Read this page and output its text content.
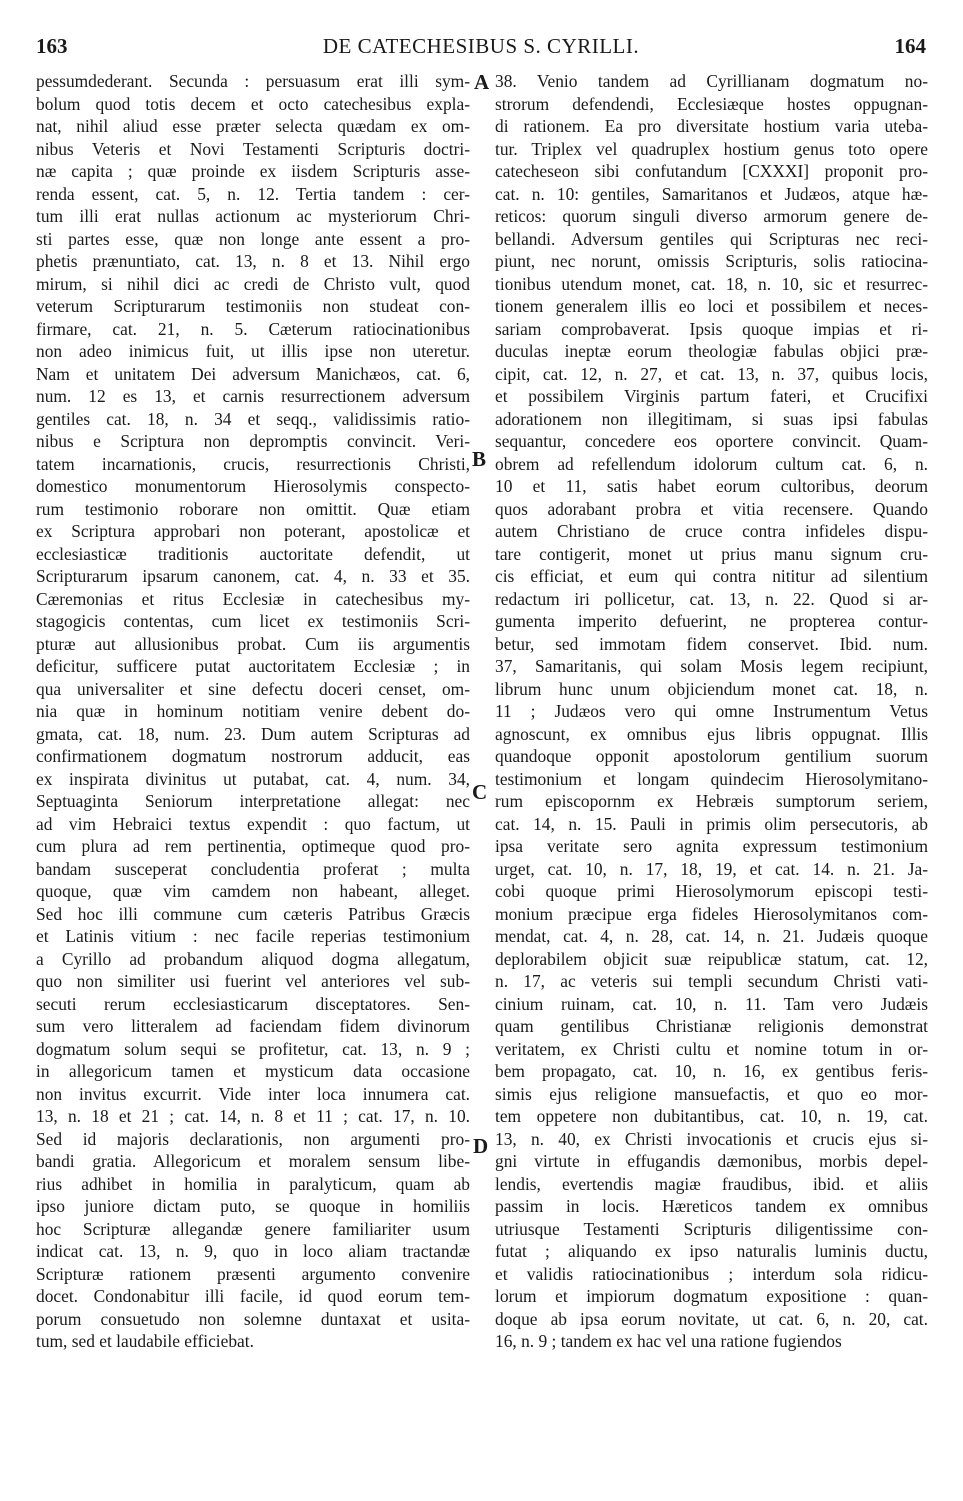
163	DE CATECHESIBUS S. CYRILLI.	164
A
B
C
D
pessumdederant. Secunda : persuasum erat illi sym-
bolum quod totis decem et octo catechesibus expla-
nat, nihil aliud esse præter selecta quædam ex om-
nibus Veteris et Novi Testamenti Scripturis doctri-
næ capita ; quæ proinde ex iisdem Scripturis asse-
renda essent, cat. 5, n. 12. Tertia tandem : cer-
tum illi erat nullas actionum ac mysteriorum Chri-
sti partes esse, quæ non longe ante essent a pro-
phetis prænuntiato, cat. 13, n. 8 et 13. Nihil ergo
mirum, si nihil dici ac credi de Christo vult, quod
veterum Scripturarum testimoniis non studeat con-
firmare, cat. 21, n. 5. Cæterum ratiocinationibus
non adeo inimicus fuit, ut illis ipse non uteretur.
Nam et unitatem Dei adversum Manichæos, cat. 6,
num. 12 es 13, et carnis resurrectionem adversum
gentiles cat. 18, n. 34 et seqq., validissimis ratio-
nibus e Scriptura non depromptis convincit. Veri-
tatem incarnationis, crucis, resurrectionis Christi,
domestico monumentorum Hierosolymis conspecto-
rum testimonio roborare non omittit. Quæ etiam
ex Scriptura approbari non poterant, apostolicæ et
ecclesiasticæ traditionis auctoritate defendit, ut
Scripturarum ipsarum canonem, cat. 4, n. 33 et 35.
Cæremonias et ritus Ecclesiæ in catechesibus my-
stagogicis contentas, cum licet ex testimoniis Scri-
pturæ aut allusionibus probat. Cum iis argumentis
deficitur, sufficere putat auctoritatem Ecclesiæ ; in
qua universaliter et sine defectu doceri censet, om-
nia quæ in hominum notitiam venire debent do-
gmata, cat. 18, num. 23. Dum autem Scripturas ad
confirmationem dogmatum nostrorum adducit, eas
ex inspirata divinitus ut putabat, cat. 4, num. 34,
Septuaginta Seniorum interpretatione allegat: nec
ad vim Hebraici textus expendit : quo factum, ut
cum plura ad rem pertinentia, optimeque quod pro-
bandam susceperat concludentia proferat ; multa
quoque, quæ vim camdem non habeant, alleget.
Sed hoc illi commune cum cæteris Patribus Græcis
et Latinis vitium : nec facile reperias testimonium
a Cyrillo ad probandum aliquod dogma allegatum,
quo non similiter usi fuerint vel anteriores vel sub-
secuti rerum ecclesiasticarum disceptatores. Sen-
sum vero litteralem ad faciendam fidem divinorum
dogmatum solum sequi se profitetur, cat. 13, n. 9 ;
in allegoricum tamen et mysticum data occasione
non invitus excurrit. Vide inter loca innumera cat.
13, n. 18 et 21 ; cat. 14, n. 8 et 11 ; cat. 17, n. 10.
Sed id majoris declarationis, non argumenti pro-
bandi gratia. Allegoricum et moralem sensum libe-
rius adhibet in homilia in paralyticum, quam ab
ipso juniore dictam puto, se quoque in homiliis
hoc Scripturæ allegandæ genere familiariter usum
indicat cat. 13, n. 9, quo in loco aliam tractandæ
Scripturæ rationem præsenti argumento convenire
docet. Condonabitur illi facile, id quod eorum tem-
porum consuetudo non solemne duntaxat et usita-
tum, sed et laudabile efficiebat.
38. Venio tandem ad Cyrillianam dogmatum no-
strorum defendendi, Ecclesiæque hostes oppugnan-
di rationem. Ea pro diversitate hostium varia uteba-
tur. Triplex vel quadruplex hostium genus toto opere
catecheseon sibi confutandum [CXXXI] proponit pro-
cat. n. 10: gentiles, Samaritanos et Judæos, atque hæ-
reticos: quorum singuli diverso armorum genere de-
bellandi. Adversum gentiles qui Scripturas nec reci-
piunt, nec norunt, omissis Scripturis, solis ratiocina-
tionibus utendum monet, cat. 18, n. 10, sic et resurrec-
tionem generalem illis eo loci et possibilem et neces-
sariam comprobaverat. Ipsis quoque impias et ri-
duculas ineptæ eorum theologiæ fabulas objici præ-
cipit, cat. 12, n. 27, et cat. 13, n. 37, quibus locis,
et possibilem Virginis partum fateri, et Crucifixi
adorationem non illegitimam, si suas ipsi fabulas
sequantur, concedere eos oportere convincit. Quam-
obrem ad refellendum idolorum cultum cat. 6, n.
10 et 11, satis habet eorum cultoribus, deorum
quos adorabant probra et vitia recensere. Quando
autem Christiano de cruce contra infideles dispu-
tare contigerit, monet ut prius manu signum cru-
cis efficiat, et eum qui contra nititur ad silentium
redactum iri pollicetur, cat. 13, n. 22. Quod si ar-
gumenta imperito defuerint, ne propterea contur-
betur, sed immotam fidem conservet. Ibid. num.
37, Samaritanis, qui solam Mosis legem recipiunt,
librum hunc unum objiciendum monet cat. 18, n.
11 ; Judæos vero qui omne Instrumentum Vetus
agnoscunt, ex omnibus ejus libris oppugnat. Illis
quandoque opponit apostolorum gentilium suorum
testimonium et longam quindecim Hierosolymitano-
rum episcopornm ex Hebræis sumptorum seriem,
cat. 14, n. 15. Pauli in primis olim persecutoris, ab
ipsa veritate sero agnita expressum testimonium
urget, cat. 10, n. 17, 18, 19, et cat. 14. n. 21. Ja-
cobi quoque primi Hierosolymorum episcopi testi-
monium præcipue erga fideles Hierosolymitanos com-
mendat, cat. 4, n. 28, cat. 14, n. 21. Judæis quoque
deplorabilem objicit suæ reipublicæ statum, cat. 12,
n. 17, ac veteris sui templi secundum Christi vati-
cinium ruinam, cat. 10, n. 11. Tam vero Judæis
quam gentilibus Christianæ religionis demonstrat
veritatem, ex Christi cultu et nomine totum in or-
bem propagato, cat. 10, n. 16, ex gentibus feris-
simis ejus religione mansuefactis, et quo eo mor-
tem oppetere non dubitantibus, cat. 10, n. 19, cat.
13, n. 40, ex Christi invocationis et crucis ejus si-
gni virtute in effugandis dæmonibus, morbis depel-
lendis, evertendis magiæ fraudibus, ibid. et aliis
passim in locis. Hæreticos tandem ex omnibus
utriusque Testamenti Scripturis diligentissime con-
futat ; aliquando ex ipso naturalis luminis ductu,
et validis ratiocinationibus ; interdum sola ridicu-
lorum et impiorum dogmatum expositione : quan-
doque ab ipsa eorum novitate, ut cat. 6, n. 20, cat.
16, n. 9 ; tandem ex hac vel una ratione fugiendos
